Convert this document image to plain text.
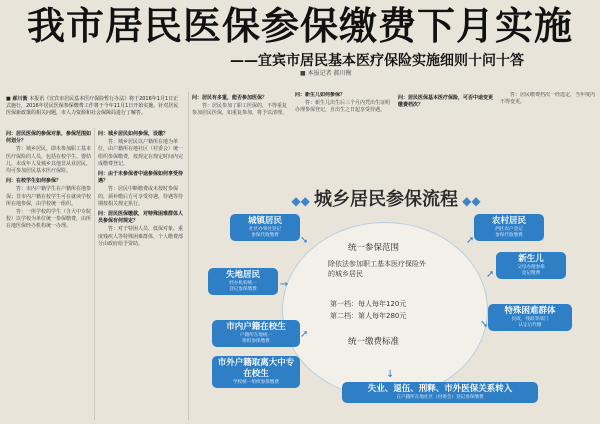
我市居民医保参保缴费下月实施
——宜宾市居民基本医疗保险实施细则十问十答
■ 本报记者 郝川衡
■ 郝川衡 本报讯《宜宾市居民基本医疗保险暂行办法》将于2016年1月1日正式施行，2016年居民医保参保缴费工作将于今年11月1日开始实施。针对居民医保新政策的相关问题，市人力资源和社会保障局进行了解答。

问：居民医保的参保对象，参保范围如何划分？

答：城乡居民，即未参加职工基本医疗保险的人员，包括在校学生、婴幼儿、未成年人及城乡其他非从业居民，均可参加居民基本医疗保险。

问：在校学生如何参保？

答：市内户籍学生在户籍所在地参保；非市内户籍在校学生可在就读学校所在地参保，由学校统一组织。

答：一所学校的学生（含大中专院校）以学校为单位统一参保缴费，由所在地医保经办机构统一办理。

问：城乡居民如何参保，设缴？

答：城乡居民以户籍所在地为单位，由户籍所在地社区（村委会）统一组织参保缴费，按规定在规定时间内完成缴费登记。

问：由于未参保者中途参保如何享受待遇？

答：居民中断缴费或未按时参保的，须补缴后方可享受待遇，待遇等待期按相关规定执行。

问：居民医保缴款，对特殊困难群体人员参保有何规定？

答：对于特困人员、低保对象、重度残疾人等特殊困难群体，个人缴费部分由政府给予资助。

问：居民有多重，能否参加医保？

答：居民参加了职工医保的，不得重复参加居民医保，如重复参加，将予以清理。

问：新生儿如何参保？

答：新生儿出生后三个月内凭出生证明办理参保登记，自出生之日起享受待遇。

问：居民医保基本医疗保险，可否中途变更缴费档次？

答：居民缴费档次一经选定，当年度内不得变更。

◆◆ 城乡居民参保流程 ◆◆
统一参保范围
除依法参加职工基本医疗保险外
的城乡居民
第一档：每人每年120元
第二档：第人每年280元
统一缴费标准
城镇居民
社区办事处登记
参保代收缴费
农村居民
西区农户登记
参保代收缴费
失地居民
经办机构统一
登记参保缴费
新生儿
父母办理参保
登记缴费
市内户籍在校生
户籍所在地统一
组织参保缴费
特殊困难群体
民政、残联等部门
认定后代缴
市外户籍取离大中专在校生
学校统一组织参保缴费
失业、退伍、刑释、市外医保关系转入
在户籍所在地社区（村委会）登记参保缴费
➘	➚
➙
➚
➚
➘
↓
